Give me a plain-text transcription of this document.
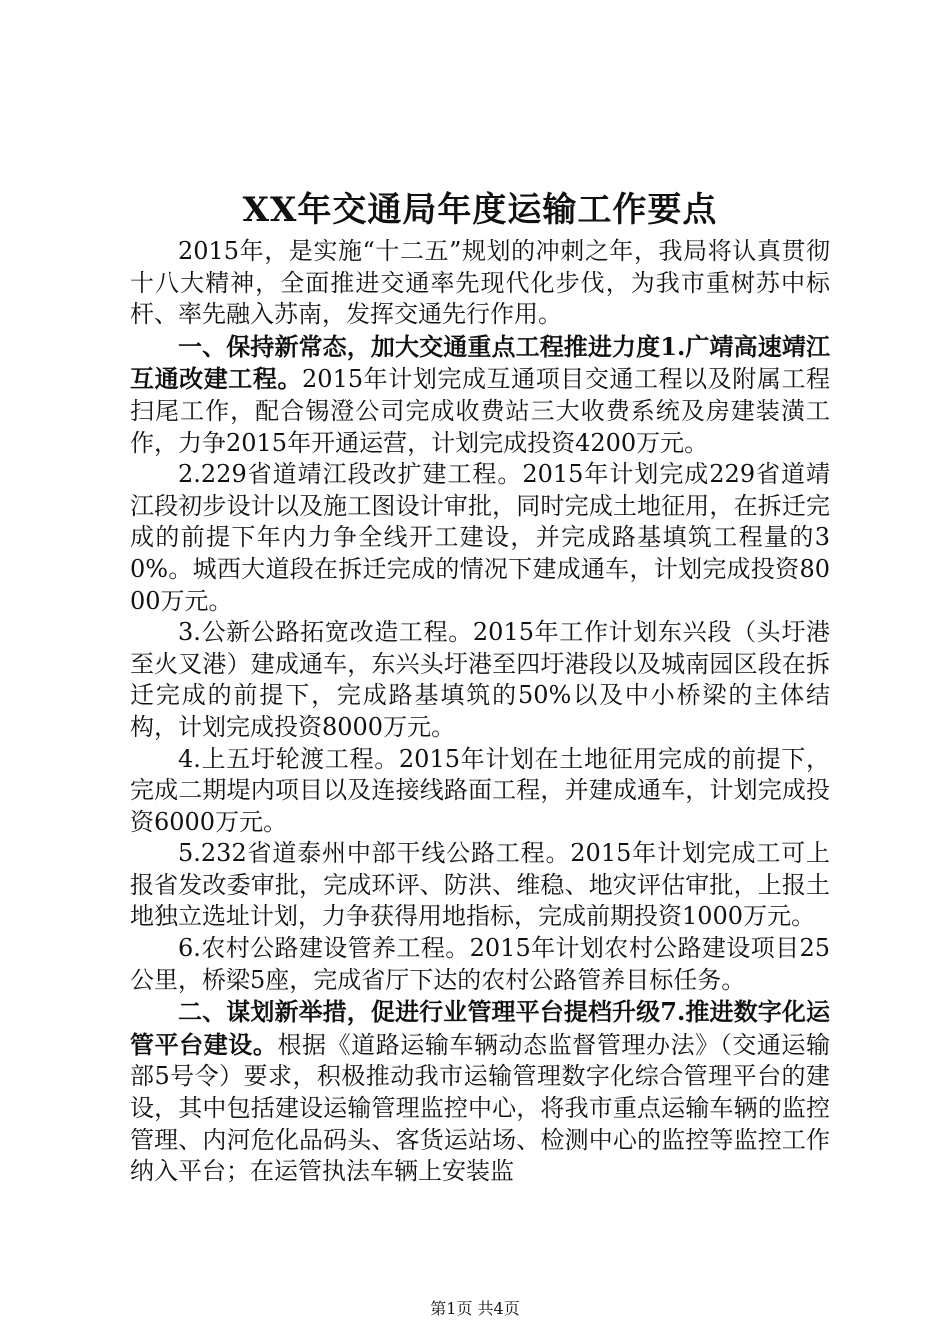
XX年交通局年度运输工作要点

2015年，是实施“十二五”规划的冲刺之年，我局将认真贯彻十八大精神，全面推进交通率先现代化步伐，为我市重树苏中标杆、率先融入苏南，发挥交通先行作用。

一、保持新常态，加大交通重点工程推进力度1.广靖高速靖江互通改建工程。2015年计划完成互通项目交通工程以及附属工程扫尾工作，配合锡澄公司完成收费站三大收费系统及房建装潢工作，力争2015年开通运营，计划完成投资4200万元。

2.229省道靖江段改扩建工程。2015年计划完成229省道靖江段初步设计以及施工图设计审批，同时完成土地征用，在拆迁完成的前提下年内力争全线开工建设，并完成路基填筑工程量的30%。城西大道段在拆迁完成的情况下建成通车，计划完成投资8000万元。

3.公新公路拓宽改造工程。2015年工作计划东兴段（头圩港至火叉港）建成通车，东兴头圩港至四圩港段以及城南园区段在拆迁完成的前提下，完成路基填筑的50%以及中小桥梁的主体结构，计划完成投资8000万元。

4.上五圩轮渡工程。2015年计划在土地征用完成的前提下，完成二期堤内项目以及连接线路面工程，并建成通车，计划完成投资6000万元。

5.232省道泰州中部干线公路工程。2015年计划完成工可上报省发改委审批，完成环评、防洪、维稳、地灾评估审批，上报土地独立选址计划，力争获得用地指标，完成前期投资1000万元。

6.农村公路建设管养工程。2015年计划农村公路建设项目25公里，桥梁5座，完成省厅下达的农村公路管养目标任务。

二、谋划新举措，促进行业管理平台提档升级7.推进数字化运管平台建设。根据《道路运输车辆动态监督管理办法》（交通运输部5号令）要求，积极推动我市运输管理数字化综合管理平台的建设，其中包括建设运输管理监控中心，将我市重点运输车辆的监控管理、内河危化品码头、客货运站场、检测中心的监控等监控工作纳入平台；在运管执法车辆上安装监

第1页 共4页
